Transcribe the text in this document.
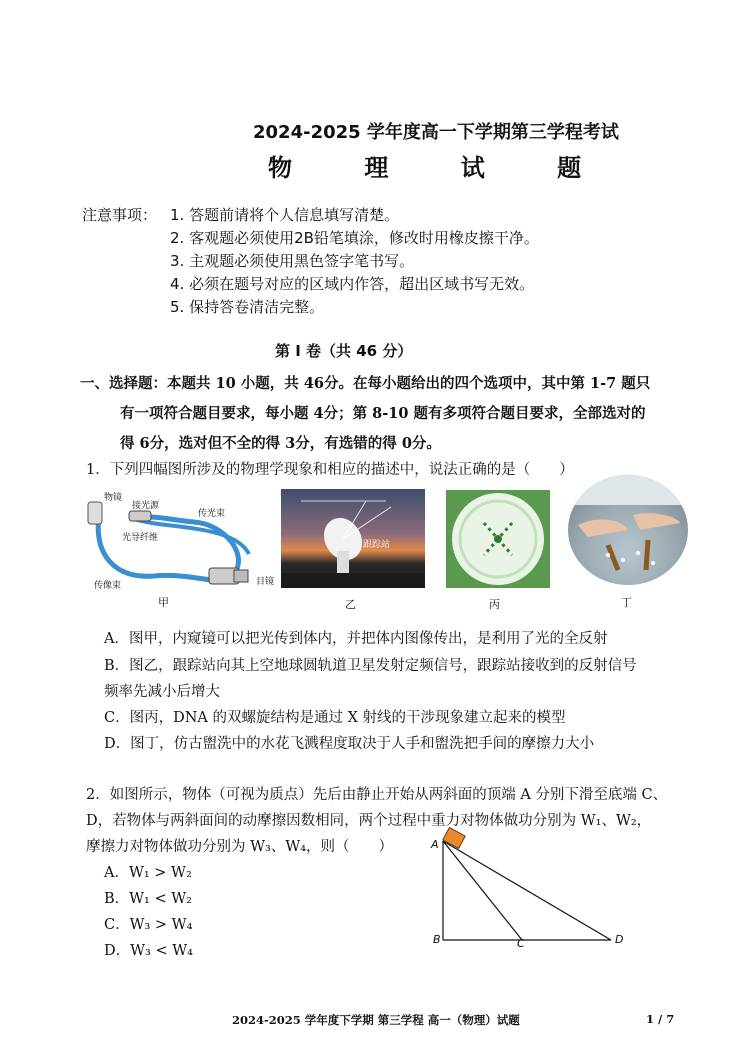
2024-2025 学年度高一下学期第三学程考试
物 理 试 题
注意事项： 1. 答题前请将个人信息填写清楚。
2. 客观题必须使用2B铅笔填涂，修改时用橡皮擦干净。
3. 主观题必须使用黑色签字笔书写。
4. 必须在题号对应的区域内作答，超出区域书写无效。
5. 保持答卷清洁完整。
第 Ⅰ 卷（共 46 分）
一、选择题：本题共 10 小题，共 46分。在每小题给出的四个选项中，其中第 1-7 题只
有一项符合题目要求，每小题 4分；第 8-10 题有多项符合题目要求，全部选对的
得 6分，选对但不全的得 3分，有选错的得 0分。
1．下列四幅图所涉及的物理学现象和相应的描述中，说法正确的是（　　）
物镜
接光源
传光束
光导纤维
传像束	目镜
甲
跟踪站
乙	丙	丁
A．图甲，内窥镜可以把光传到体内，并把体内图像传出，是利用了光的全反射
B．图乙，跟踪站向其上空地球圆轨道卫星发射定频信号，跟踪站接收到的反射信号
频率先减小后增大
C．图丙，DNA 的双螺旋结构是通过 X 射线的干涉现象建立起来的模型
D．图丁，仿古盥洗中的水花飞溅程度取决于人手和盥洗把手间的摩擦力大小
2．如图所示，物体（可视为质点）先后由静止开始从两斜面的顶端 A 分别下滑至底端 C、
D，若物体与两斜面间的动摩擦因数相同，两个过程中重力对物体做功分别为 W₁、W₂，
摩擦力对物体做功分别为 W₃、W₄，则（　　）
A．W₁ > W₂
B．W₁ < W₂
C．W₃ > W₄
D．W₃ < W₄
A
B	C	D
2024-2025 学年度下学期 第三学程 高一（物理）试题	1 / 7
